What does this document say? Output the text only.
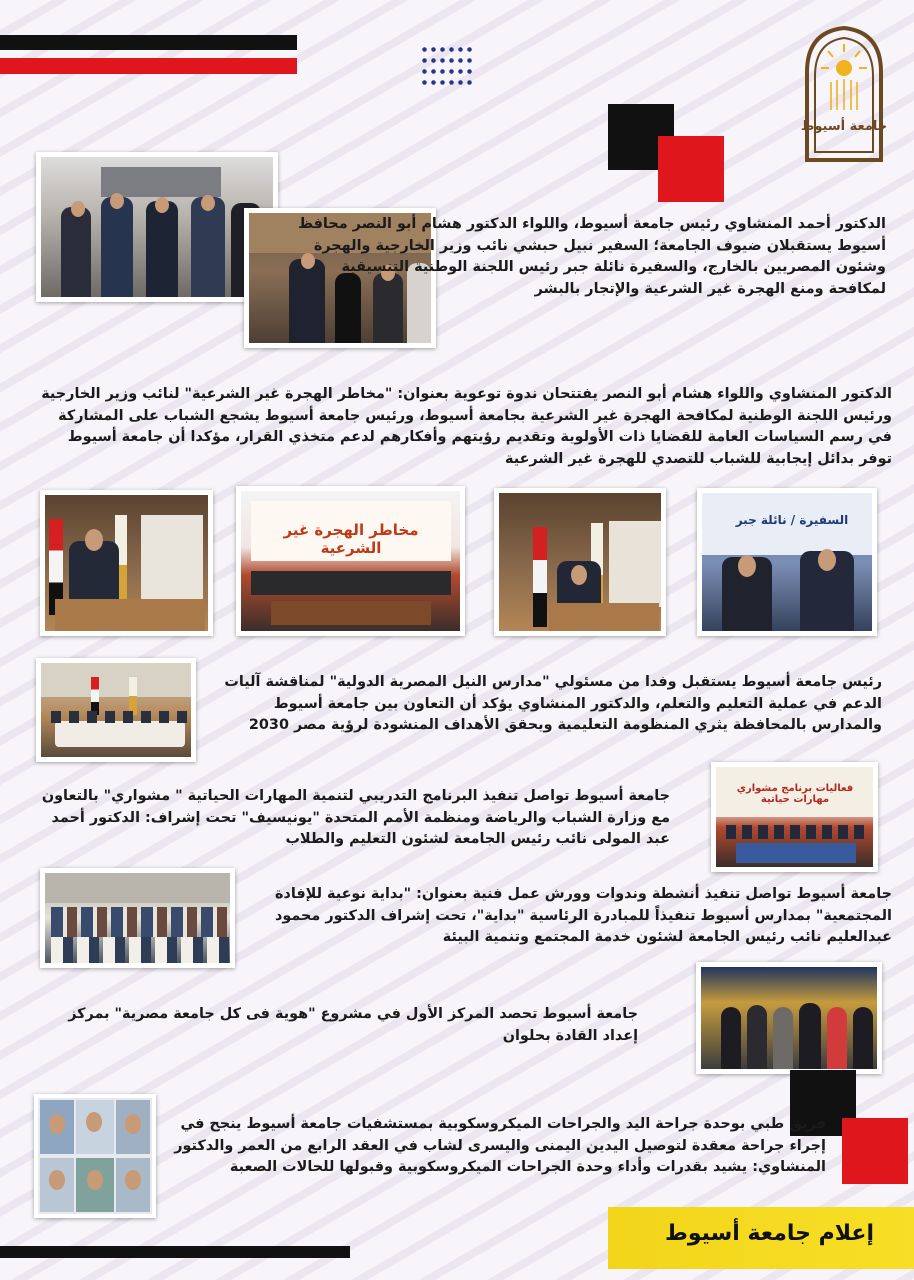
جامعة أسيوط

الدكتور أحمد المنشاوي رئيس جامعة أسيوط، واللواء الدكتور هشام أبو النصر محافظ أسيوط يستقبلان ضيوف الجامعة؛ السفير نبيل حبشي نائب وزير الخارجية والهجرة وشئون المصريين بالخارج، والسفيرة نائلة جبر رئيس اللجنة الوطنية التنسيقية لمكافحة ومنع الهجرة غير الشرعية والإتجار بالبشر

الدكتور المنشاوي واللواء هشام أبو النصر يفتتحان ندوة توعوية بعنوان: "مخاطر الهجرة غير الشرعية" لنائب وزير الخارجية ورئيس اللجنة الوطنية لمكافحة الهجرة غير الشرعية بجامعة أسيوط، ورئيس جامعة أسيوط يشجع الشباب على المشاركة في رسم السياسات العامة للقضايا ذات الأولوية وتقديم رؤيتهم وأفكارهم لدعم متخذي القرار، مؤكدا أن جامعة أسيوط توفر بدائل إيجابية للشباب للتصدي للهجرة غير الشرعية

مخاطر الهجرة غير الشرعية
السفيرة / نائلة جبر

رئيس جامعة أسيوط يستقبل وفدا من مسئولي "مدارس النيل المصرية الدولية" لمناقشة آليات الدعم في عملية التعليم والتعلم، والدكتور المنشاوي يؤكد أن التعاون بين جامعة أسيوط والمدارس بالمحافظة يثري المنظومة التعليمية ويحقق الأهداف المنشودة لرؤية مصر 2030

جامعة أسيوط تواصل تنفيذ البرنامج التدريبي لتنمية المهارات الحياتية " مشواري" بالتعاون مع وزارة الشباب والرياضة ومنظمة الأمم المتحدة "يونيسيف" تحت إشراف: الدكتور أحمد عبد المولى نائب رئيس الجامعة لشئون التعليم والطلاب

فعاليات برنامج مشواري مهارات حياتية

جامعة أسيوط تواصل تنفيذ أنشطة وندوات وورش عمل فنية بعنوان: "بداية نوعية للإفادة المجتمعية" بمدارس أسيوط تنفيذاً للمبادرة الرئاسية "بداية"، تحت إشراف الدكتور محمود عبدالعليم نائب رئيس الجامعة لشئون خدمة المجتمع وتنمية البيئة

جامعة أسيوط تحصد المركز الأول في مشروع "هوية فى كل جامعة مصرية" بمركز إعداد القادة بحلوان

فريق طبي بوحدة جراحة اليد والجراحات الميكروسكوبية بمستشفيات جامعة أسيوط ينجح في إجراء جراحة معقدة لتوصيل اليدين اليمنى واليسرى لشاب في العقد الرابع من العمر والدكتور المنشاوي: يشيد بقدرات وأداء وحدة الجراحات الميكروسكوبية وقبولها للحالات الصعبة

إعلام جامعة أسيوط
